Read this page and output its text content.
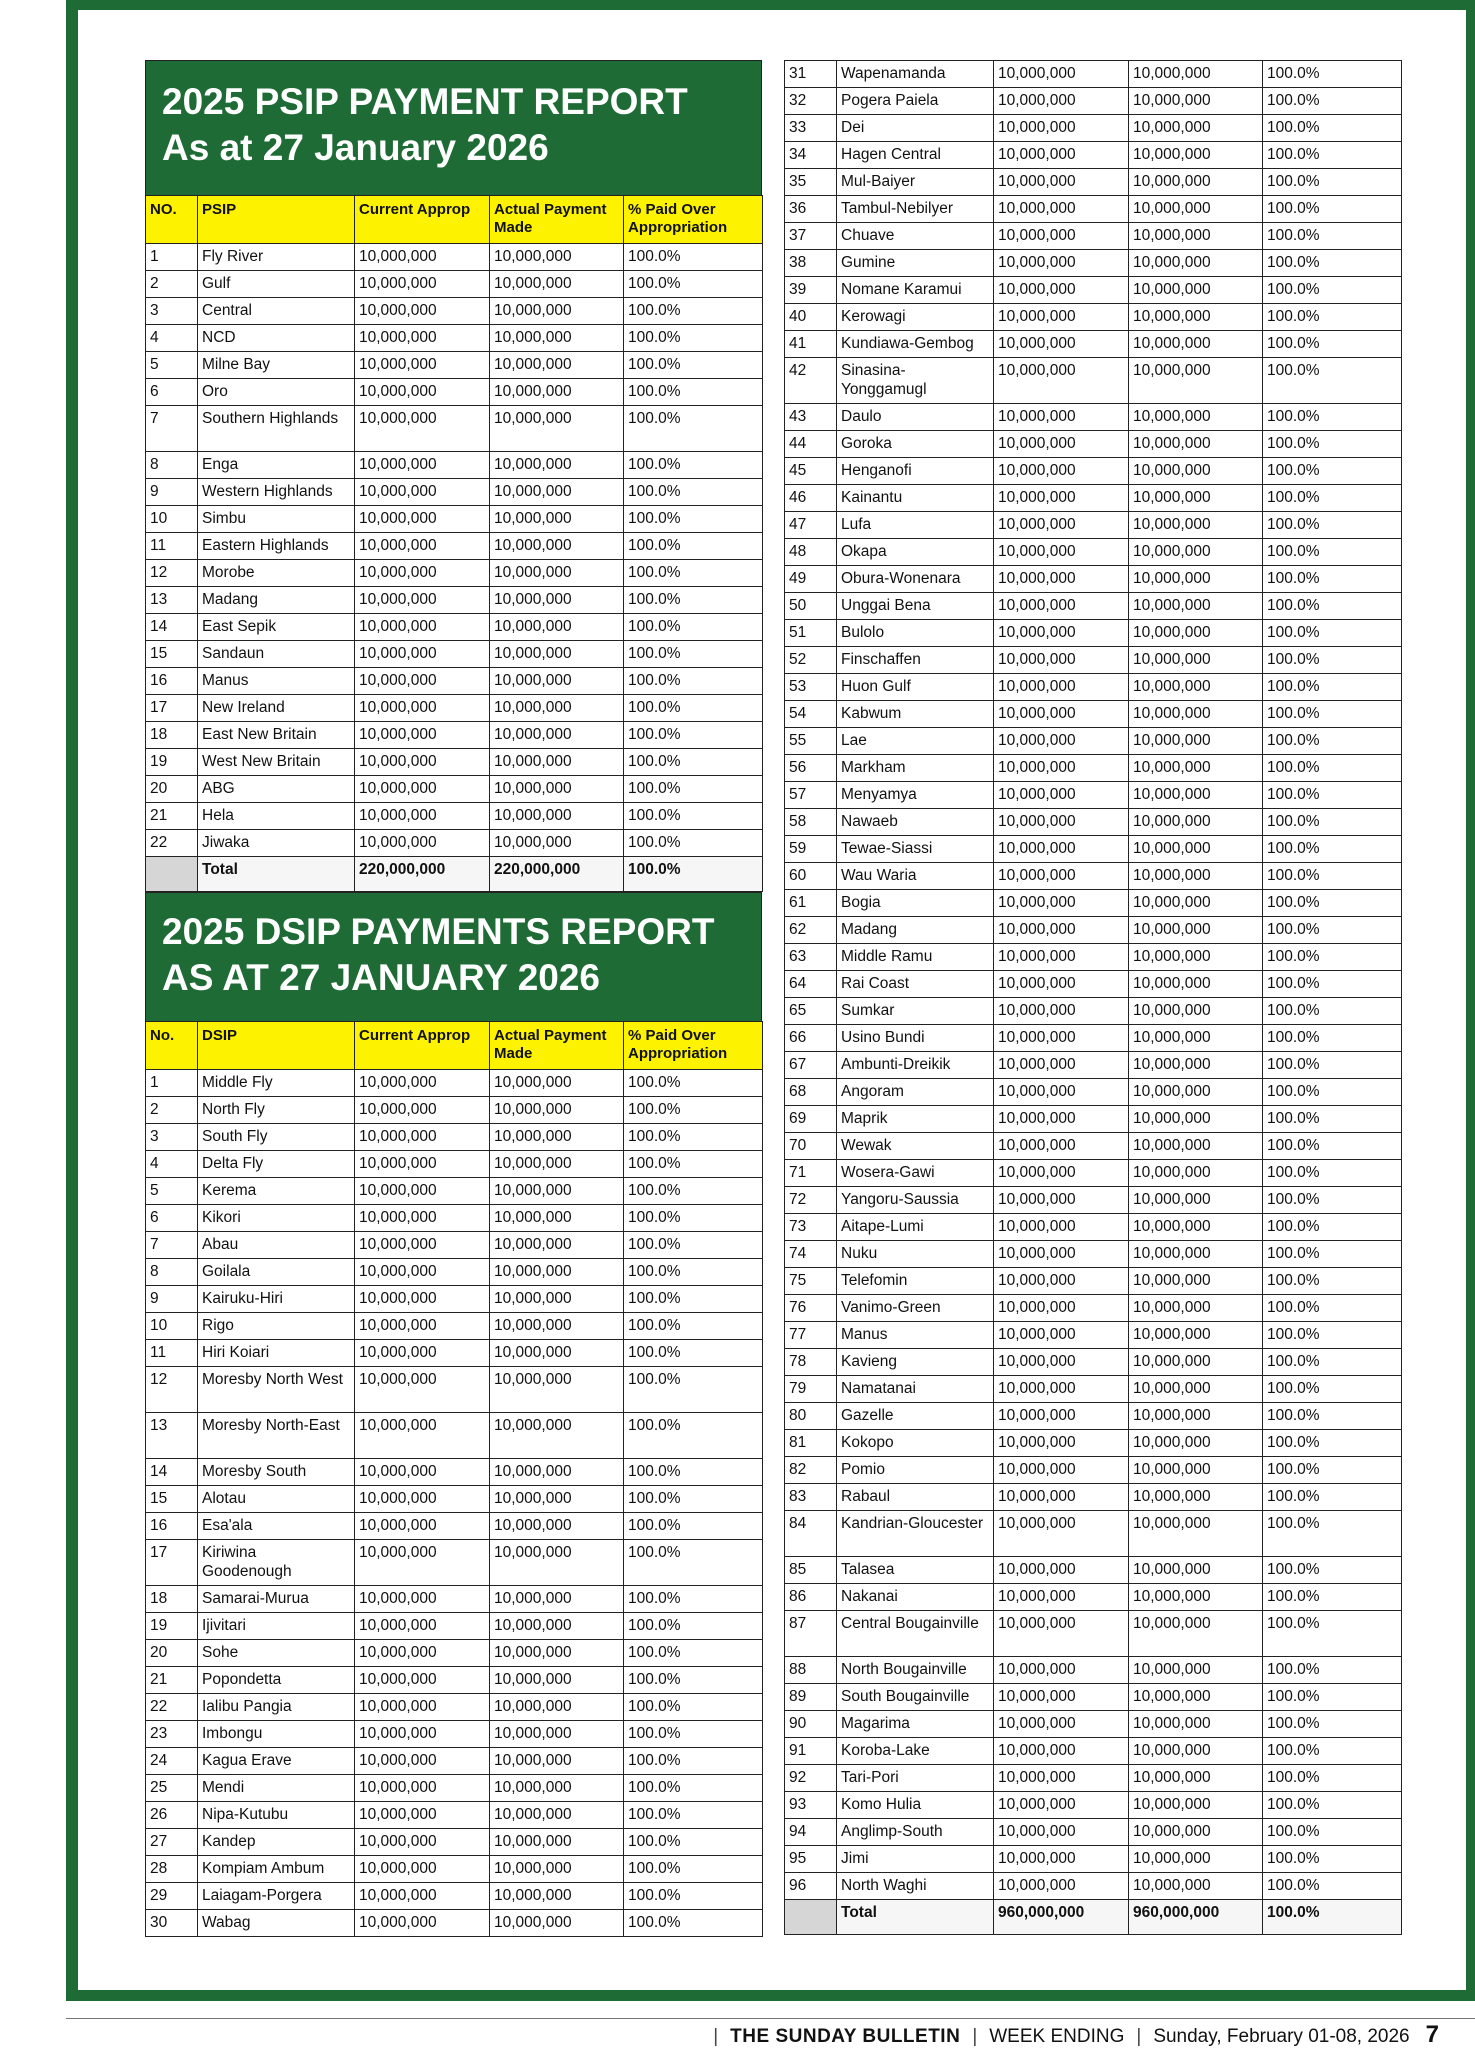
2025 PSIP PAYMENT REPORT
As at 27 January 2026
NO.	PSIP	Current Approp	Actual Payment Made	% Paid Over Appropriation
1	Fly River	10,000,000	10,000,000	100.0%
2	Gulf	10,000,000	10,000,000	100.0%
3	Central	10,000,000	10,000,000	100.0%
4	NCD	10,000,000	10,000,000	100.0%
5	Milne Bay	10,000,000	10,000,000	100.0%
6	Oro	10,000,000	10,000,000	100.0%
7	Southern Highlands	10,000,000	10,000,000	100.0%
8	Enga	10,000,000	10,000,000	100.0%
9	Western Highlands	10,000,000	10,000,000	100.0%
10	Simbu	10,000,000	10,000,000	100.0%
11	Eastern Highlands	10,000,000	10,000,000	100.0%
12	Morobe	10,000,000	10,000,000	100.0%
13	Madang	10,000,000	10,000,000	100.0%
14	East Sepik	10,000,000	10,000,000	100.0%
15	Sandaun	10,000,000	10,000,000	100.0%
16	Manus	10,000,000	10,000,000	100.0%
17	New Ireland	10,000,000	10,000,000	100.0%
18	East New Britain	10,000,000	10,000,000	100.0%
19	West New Britain	10,000,000	10,000,000	100.0%
20	ABG	10,000,000	10,000,000	100.0%
21	Hela	10,000,000	10,000,000	100.0%
22	Jiwaka	10,000,000	10,000,000	100.0%
	Total	220,000,000	220,000,000	100.0%
2025 DSIP PAYMENTS REPORT
AS AT 27 JANUARY 2026
No.	DSIP	Current Approp	Actual Payment Made	% Paid Over Appropriation
1	Middle Fly	10,000,000	10,000,000	100.0%
2	North Fly	10,000,000	10,000,000	100.0%
3	South Fly	10,000,000	10,000,000	100.0%
4	Delta Fly	10,000,000	10,000,000	100.0%
5	Kerema	10,000,000	10,000,000	100.0%
6	Kikori	10,000,000	10,000,000	100.0%
7	Abau	10,000,000	10,000,000	100.0%
8	Goilala	10,000,000	10,000,000	100.0%
9	Kairuku-Hiri	10,000,000	10,000,000	100.0%
10	Rigo	10,000,000	10,000,000	100.0%
11	Hiri Koiari	10,000,000	10,000,000	100.0%
12	Moresby North West	10,000,000	10,000,000	100.0%
13	Moresby North-East	10,000,000	10,000,000	100.0%
14	Moresby South	10,000,000	10,000,000	100.0%
15	Alotau	10,000,000	10,000,000	100.0%
16	Esa'ala	10,000,000	10,000,000	100.0%
17	Kiriwina Goodenough	10,000,000	10,000,000	100.0%
18	Samarai-Murua	10,000,000	10,000,000	100.0%
19	Ijivitari	10,000,000	10,000,000	100.0%
20	Sohe	10,000,000	10,000,000	100.0%
21	Popondetta	10,000,000	10,000,000	100.0%
22	Ialibu Pangia	10,000,000	10,000,000	100.0%
23	Imbongu	10,000,000	10,000,000	100.0%
24	Kagua Erave	10,000,000	10,000,000	100.0%
25	Mendi	10,000,000	10,000,000	100.0%
26	Nipa-Kutubu	10,000,000	10,000,000	100.0%
27	Kandep	10,000,000	10,000,000	100.0%
28	Kompiam Ambum	10,000,000	10,000,000	100.0%
29	Laiagam-Porgera	10,000,000	10,000,000	100.0%
30	Wabag	10,000,000	10,000,000	100.0%
31	Wapenamanda	10,000,000	10,000,000	100.0%
32	Pogera Paiela	10,000,000	10,000,000	100.0%
33	Dei	10,000,000	10,000,000	100.0%
34	Hagen Central	10,000,000	10,000,000	100.0%
35	Mul-Baiyer	10,000,000	10,000,000	100.0%
36	Tambul-Nebilyer	10,000,000	10,000,000	100.0%
37	Chuave	10,000,000	10,000,000	100.0%
38	Gumine	10,000,000	10,000,000	100.0%
39	Nomane Karamui	10,000,000	10,000,000	100.0%
40	Kerowagi	10,000,000	10,000,000	100.0%
41	Kundiawa-Gembog	10,000,000	10,000,000	100.0%
42	Sinasina-Yonggamugl	10,000,000	10,000,000	100.0%
43	Daulo	10,000,000	10,000,000	100.0%
44	Goroka	10,000,000	10,000,000	100.0%
45	Henganofi	10,000,000	10,000,000	100.0%
46	Kainantu	10,000,000	10,000,000	100.0%
47	Lufa	10,000,000	10,000,000	100.0%
48	Okapa	10,000,000	10,000,000	100.0%
49	Obura-Wonenara	10,000,000	10,000,000	100.0%
50	Unggai Bena	10,000,000	10,000,000	100.0%
51	Bulolo	10,000,000	10,000,000	100.0%
52	Finschaffen	10,000,000	10,000,000	100.0%
53	Huon Gulf	10,000,000	10,000,000	100.0%
54	Kabwum	10,000,000	10,000,000	100.0%
55	Lae	10,000,000	10,000,000	100.0%
56	Markham	10,000,000	10,000,000	100.0%
57	Menyamya	10,000,000	10,000,000	100.0%
58	Nawaeb	10,000,000	10,000,000	100.0%
59	Tewae-Siassi	10,000,000	10,000,000	100.0%
60	Wau Waria	10,000,000	10,000,000	100.0%
61	Bogia	10,000,000	10,000,000	100.0%
62	Madang	10,000,000	10,000,000	100.0%
63	Middle Ramu	10,000,000	10,000,000	100.0%
64	Rai Coast	10,000,000	10,000,000	100.0%
65	Sumkar	10,000,000	10,000,000	100.0%
66	Usino Bundi	10,000,000	10,000,000	100.0%
67	Ambunti-Dreikik	10,000,000	10,000,000	100.0%
68	Angoram	10,000,000	10,000,000	100.0%
69	Maprik	10,000,000	10,000,000	100.0%
70	Wewak	10,000,000	10,000,000	100.0%
71	Wosera-Gawi	10,000,000	10,000,000	100.0%
72	Yangoru-Saussia	10,000,000	10,000,000	100.0%
73	Aitape-Lumi	10,000,000	10,000,000	100.0%
74	Nuku	10,000,000	10,000,000	100.0%
75	Telefomin	10,000,000	10,000,000	100.0%
76	Vanimo-Green	10,000,000	10,000,000	100.0%
77	Manus	10,000,000	10,000,000	100.0%
78	Kavieng	10,000,000	10,000,000	100.0%
79	Namatanai	10,000,000	10,000,000	100.0%
80	Gazelle	10,000,000	10,000,000	100.0%
81	Kokopo	10,000,000	10,000,000	100.0%
82	Pomio	10,000,000	10,000,000	100.0%
83	Rabaul	10,000,000	10,000,000	100.0%
84	Kandrian-Gloucester	10,000,000	10,000,000	100.0%
85	Talasea	10,000,000	10,000,000	100.0%
86	Nakanai	10,000,000	10,000,000	100.0%
87	Central Bougainville	10,000,000	10,000,000	100.0%
88	North Bougainville	10,000,000	10,000,000	100.0%
89	South Bougainville	10,000,000	10,000,000	100.0%
90	Magarima	10,000,000	10,000,000	100.0%
91	Koroba-Lake	10,000,000	10,000,000	100.0%
92	Tari-Pori	10,000,000	10,000,000	100.0%
93	Komo Hulia	10,000,000	10,000,000	100.0%
94	Anglimp-South	10,000,000	10,000,000	100.0%
95	Jimi	10,000,000	10,000,000	100.0%
96	North Waghi	10,000,000	10,000,000	100.0%
	Total	960,000,000	960,000,000	100.0%
| THE SUNDAY BULLETIN | WEEK ENDING | Sunday, February 01-08, 2026 7
